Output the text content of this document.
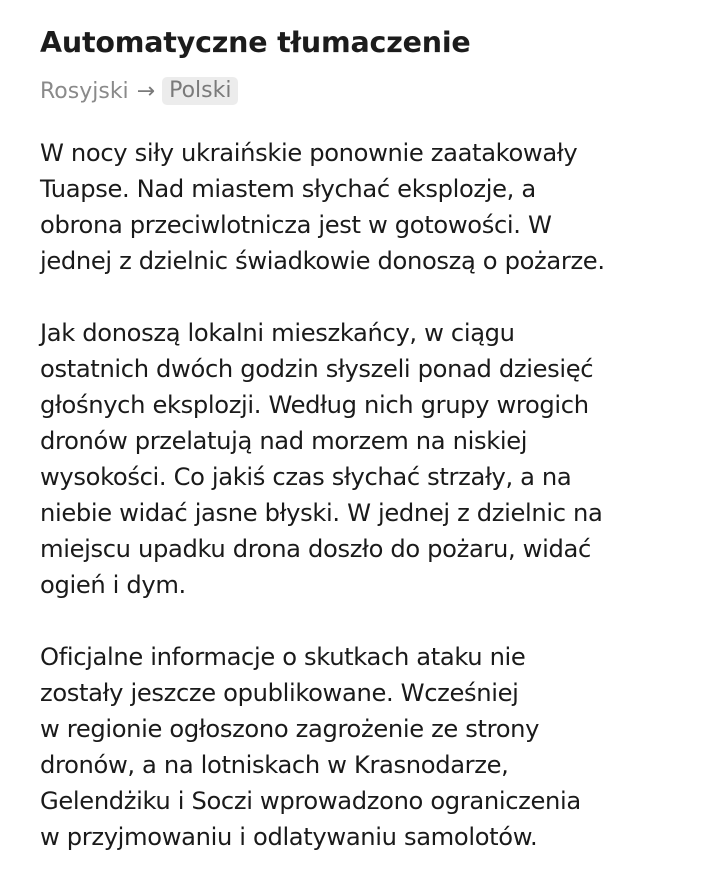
Automatyczne tłumaczenie
Rosyjski → Polski

W nocy siły ukraińskie ponownie zaatakowały
Tuapse. Nad miastem słychać eksplozje, a
obrona przeciwlotnicza jest w gotowości. W
jednej z dzielnic świadkowie donoszą o pożarze.

Jak donoszą lokalni mieszkańcy, w ciągu
ostatnich dwóch godzin słyszeli ponad dziesięć
głośnych eksplozji. Według nich grupy wrogich
dronów przelatują nad morzem na niskiej
wysokości. Co jakiś czas słychać strzały, a na
niebie widać jasne błyski. W jednej z dzielnic na
miejscu upadku drona doszło do pożaru, widać
ogień i dym.

Oficjalne informacje o skutkach ataku nie
zostały jeszcze opublikowane. Wcześniej
w regionie ogłoszono zagrożenie ze strony
dronów, a na lotniskach w Krasnodarze,
Gelendżiku i Soczi wprowadzono ograniczenia
w przyjmowaniu i odlatywaniu samolotów.
